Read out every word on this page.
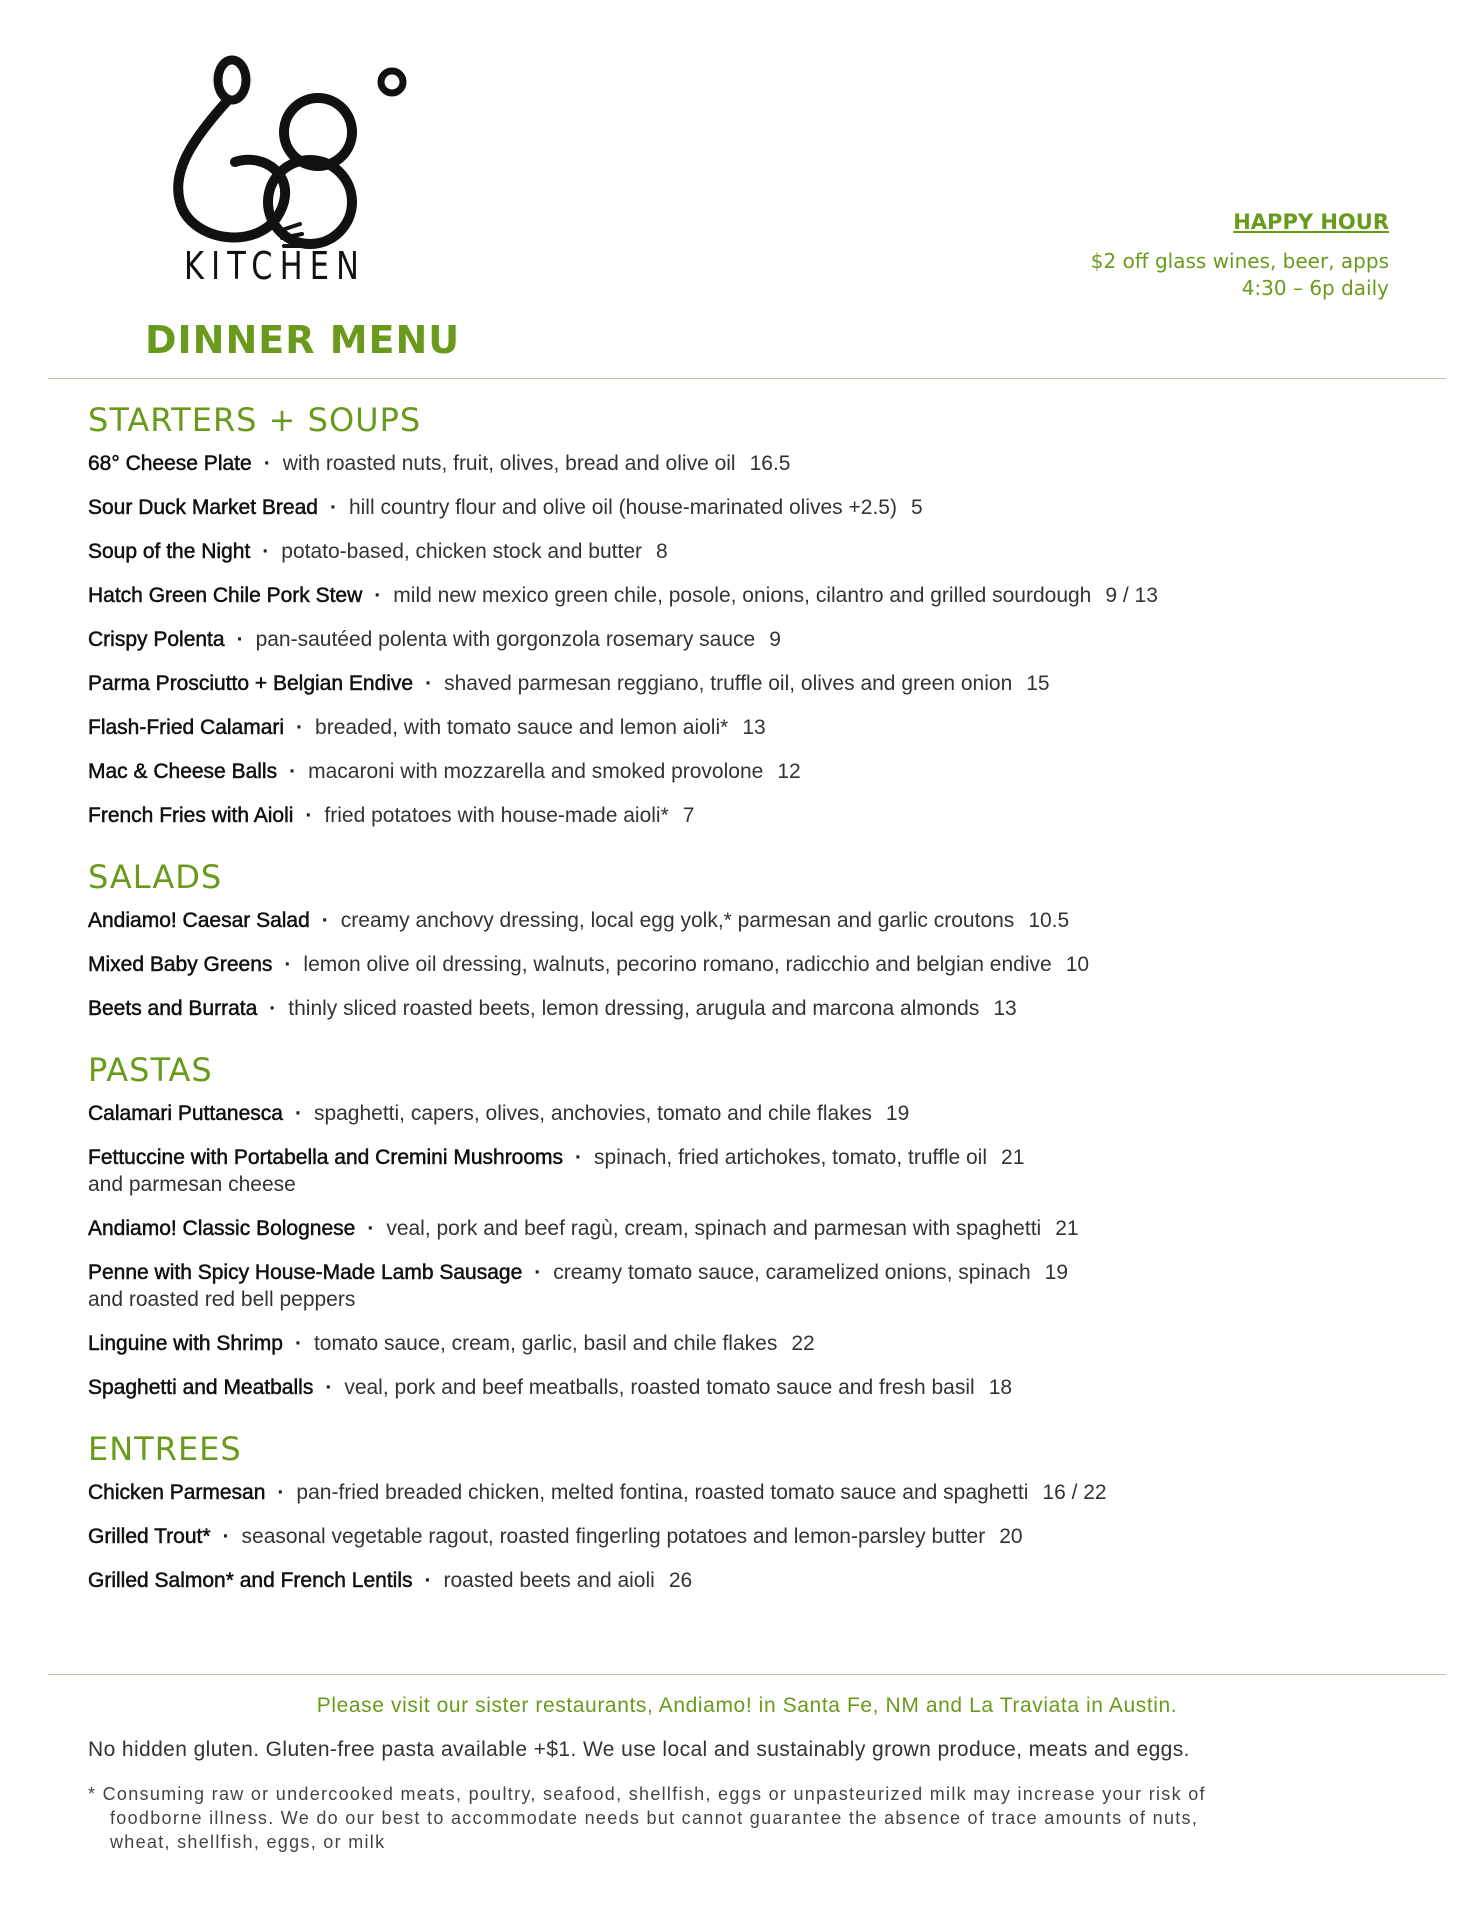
KITCHEN
DINNER MENU
HAPPY HOUR
$2 off glass wines, beer, apps
4:30 – 6p daily
STARTERS + SOUPS
68° Cheese Plate · with roasted nuts, fruit, olives, bread and olive oil 16.5
Sour Duck Market Bread · hill country flour and olive oil (house-marinated olives +2.5) 5
Soup of the Night · potato-based, chicken stock and butter 8
Hatch Green Chile Pork Stew · mild new mexico green chile, posole, onions, cilantro and grilled sourdough 9 / 13
Crispy Polenta · pan-sautéed polenta with gorgonzola rosemary sauce 9
Parma Prosciutto + Belgian Endive · shaved parmesan reggiano, truffle oil, olives and green onion 15
Flash-Fried Calamari · breaded, with tomato sauce and lemon aioli* 13
Mac & Cheese Balls · macaroni with mozzarella and smoked provolone 12
French Fries with Aioli · fried potatoes with house-made aioli* 7
SALADS
Andiamo! Caesar Salad · creamy anchovy dressing, local egg yolk,* parmesan and garlic croutons 10.5
Mixed Baby Greens · lemon olive oil dressing, walnuts, pecorino romano, radicchio and belgian endive 10
Beets and Burrata · thinly sliced roasted beets, lemon dressing, arugula and marcona almonds 13
PASTAS
Calamari Puttanesca · spaghetti, capers, olives, anchovies, tomato and chile flakes 19
Fettuccine with Portabella and Cremini Mushrooms · spinach, fried artichokes, tomato, truffle oil 21
and parmesan cheese
Andiamo! Classic Bolognese · veal, pork and beef ragù, cream, spinach and parmesan with spaghetti 21
Penne with Spicy House-Made Lamb Sausage · creamy tomato sauce, caramelized onions, spinach 19
and roasted red bell peppers
Linguine with Shrimp · tomato sauce, cream, garlic, basil and chile flakes 22
Spaghetti and Meatballs · veal, pork and beef meatballs, roasted tomato sauce and fresh basil 18
ENTREES
Chicken Parmesan · pan-fried breaded chicken, melted fontina, roasted tomato sauce and spaghetti 16 / 22
Grilled Trout* · seasonal vegetable ragout, roasted fingerling potatoes and lemon-parsley butter 20
Grilled Salmon* and French Lentils · roasted beets and aioli 26
Please visit our sister restaurants, Andiamo! in Santa Fe, NM and La Traviata in Austin.
No hidden gluten. Gluten-free pasta available +$1. We use local and sustainably grown produce, meats and eggs.
* Consuming raw or undercooked meats, poultry, seafood, shellfish, eggs or unpasteurized milk may increase your risk of
foodborne illness. We do our best to accommodate needs but cannot guarantee the absence of trace amounts of nuts,
wheat, shellfish, eggs, or milk
